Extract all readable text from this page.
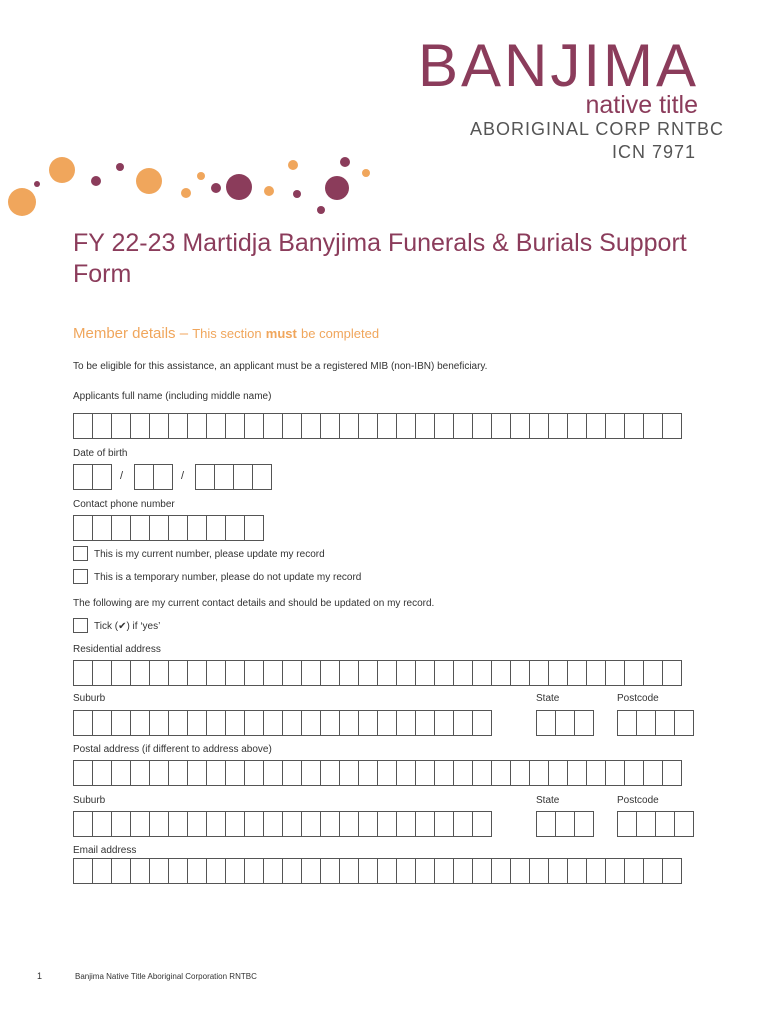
BANJIMA
native title
ABORIGINAL CORP RNTBC
ICN 7971
FY 22-23 Martidja Banyjima Funerals & Burials Support Form
Member details – This section must be completed
To be eligible for this assistance, an applicant must be a registered MIB (non-IBN) beneficiary.
Applicants full name (including middle name)
Date of birth
/	/
Contact phone number
This is my current number, please update my record
This is a temporary number, please do not update my record
The following are my current contact details and should be updated on my record.
Tick (✔) if ‘yes’
Residential address
Suburb	State	Postcode
Postal address (if different to address above)
Suburb	State	Postcode
Email address
1	Banjima Native Title Aboriginal Corporation RNTBC
